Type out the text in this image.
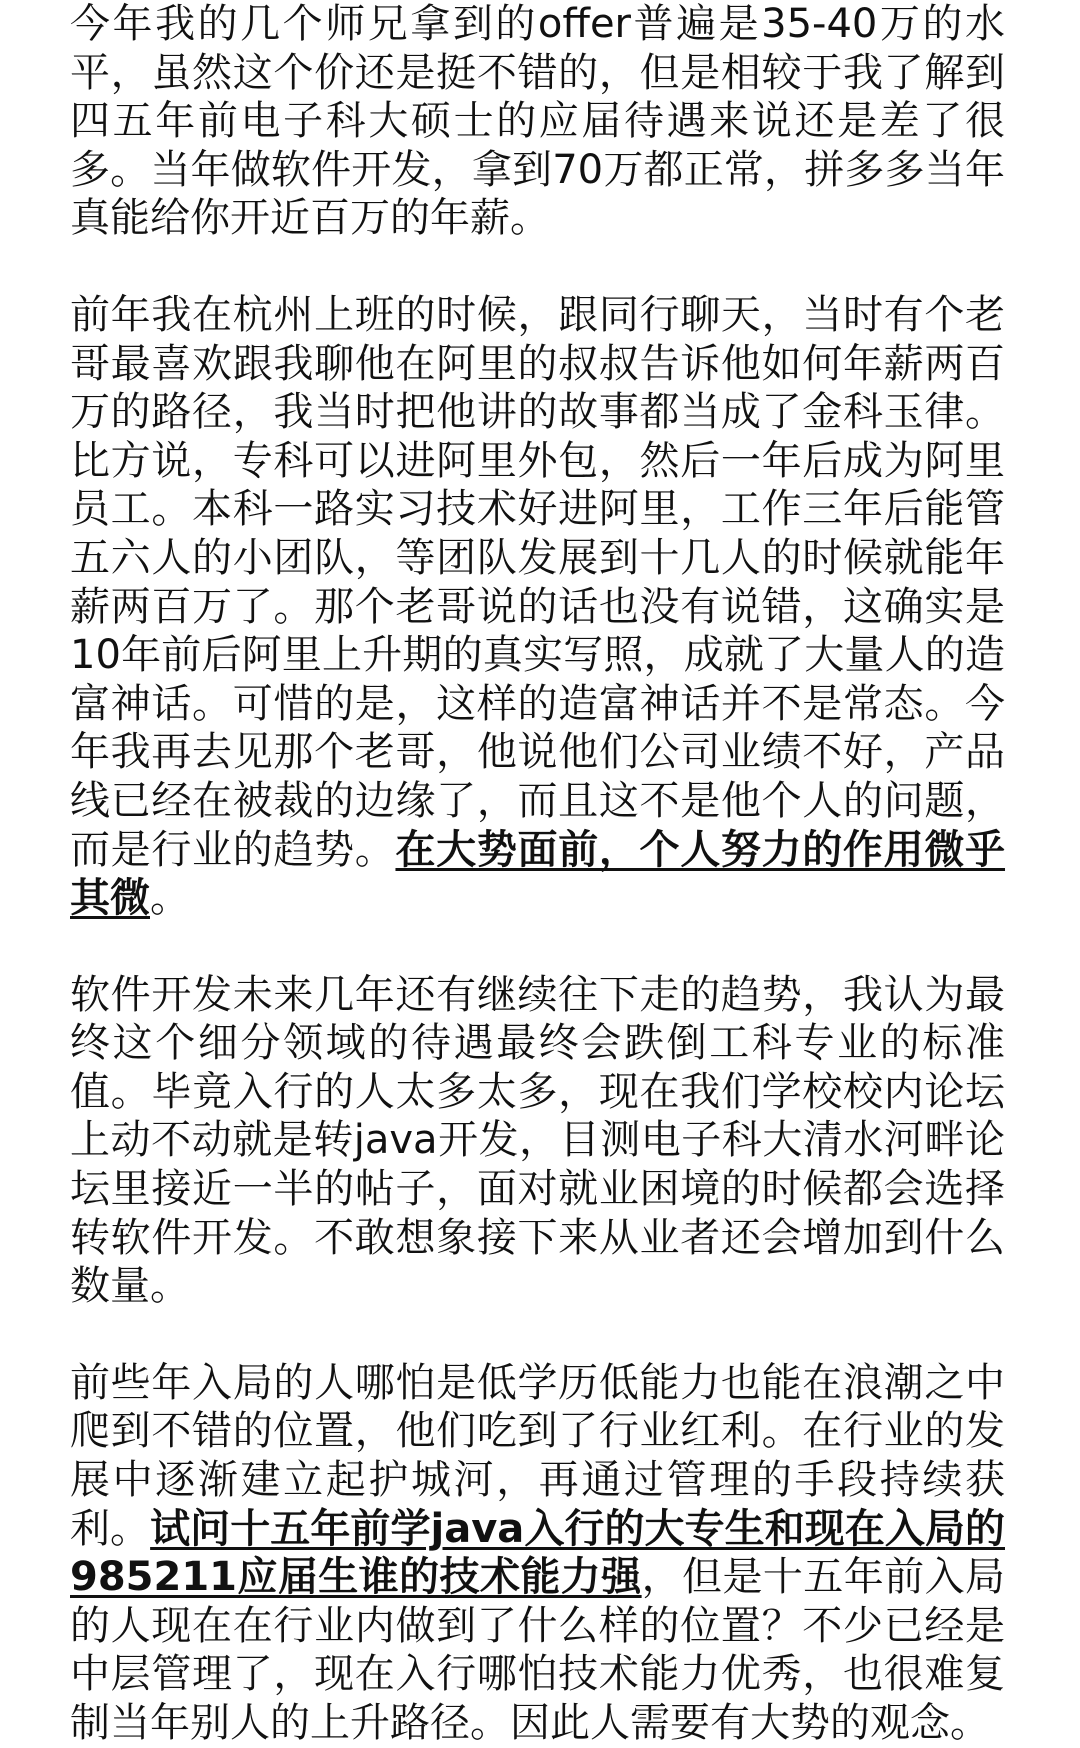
今年我的几个师兄拿到的offer普遍是35-40万的水平，虽然这个价还是挺不错的，但是相较于我了解到四五年前电子科大硕士的应届待遇来说还是差了很多。当年做软件开发，拿到70万都正常，拼多多当年真能给你开近百万的年薪。

前年我在杭州上班的时候，跟同行聊天，当时有个老哥最喜欢跟我聊他在阿里的叔叔告诉他如何年薪两百万的路径，我当时把他讲的故事都当成了金科玉律。比方说，专科可以进阿里外包，然后一年后成为阿里员工。本科一路实习技术好进阿里，工作三年后能管五六人的小团队，等团队发展到十几人的时候就能年薪两百万了。那个老哥说的话也没有说错，这确实是10年前后阿里上升期的真实写照，成就了大量人的造富神话。可惜的是，这样的造富神话并不是常态。今年我再去见那个老哥，他说他们公司业绩不好，产品线已经在被裁的边缘了，而且这不是他个人的问题，而是行业的趋势。在大势面前，个人努力的作用微乎其微。

软件开发未来几年还有继续往下走的趋势，我认为最终这个细分领域的待遇最终会跌倒工科专业的标准值。毕竟入行的人太多太多，现在我们学校校内论坛上动不动就是转java开发，目测电子科大清水河畔论坛里接近一半的帖子，面对就业困境的时候都会选择转软件开发。不敢想象接下来从业者还会增加到什么数量。

前些年入局的人哪怕是低学历低能力也能在浪潮之中爬到不错的位置，他们吃到了行业红利。在行业的发展中逐渐建立起护城河，再通过管理的手段持续获利。试问十五年前学java入行的大专生和现在入局的985211应届生谁的技术能力强，但是十五年前入局的人现在在行业内做到了什么样的位置？不少已经是中层管理了，现在入行哪怕技术能力优秀，也很难复制当年别人的上升路径。因此人需要有大势的观念。
